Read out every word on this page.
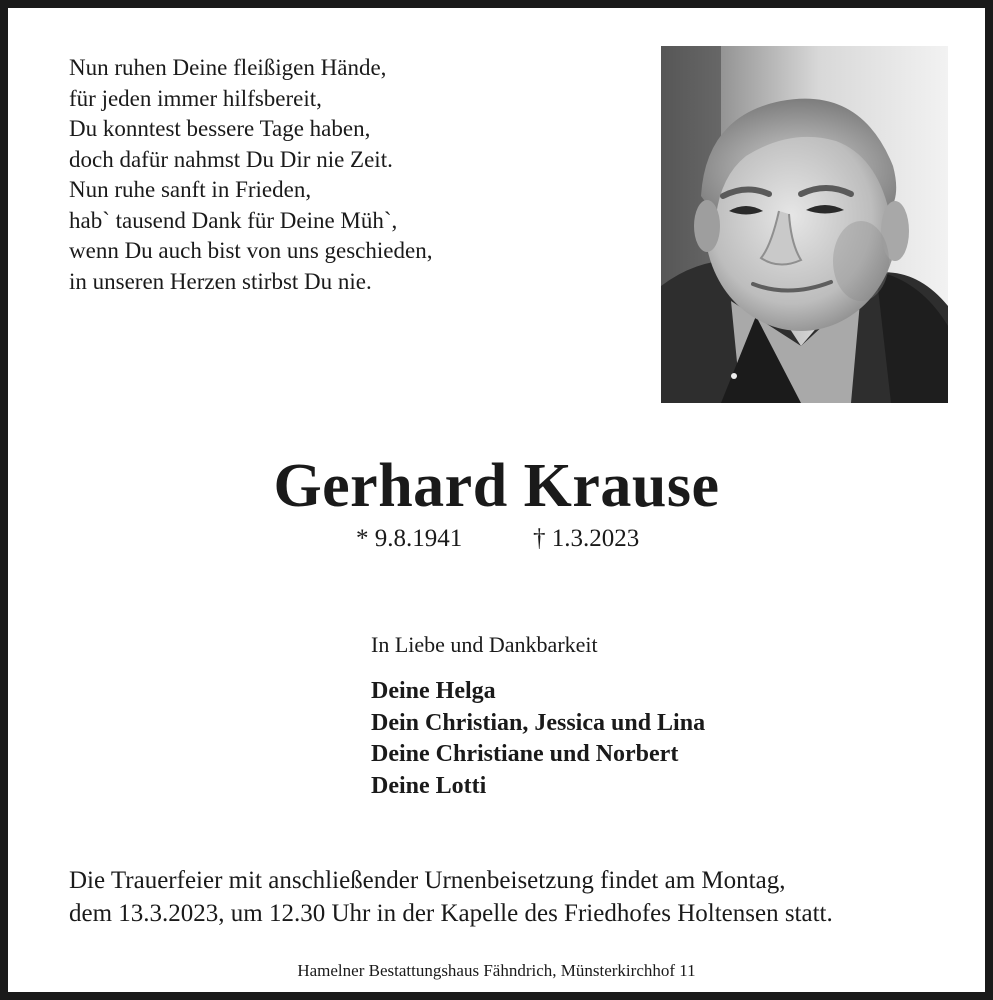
Nun ruhen Deine fleißigen Hände,
für jeden immer hilfsbereit,
Du konntest bessere Tage haben,
doch dafür nahmst Du Dir nie Zeit.
Nun ruhe sanft in Frieden,
hab` tausend Dank für Deine Müh`,
wenn Du auch bist von uns geschieden,
in unseren Herzen stirbst Du nie.
Gerhard Krause
* 9.8.1941	† 1.3.2023
In Liebe und Dankbarkeit
Deine Helga
Dein Christian, Jessica und Lina
Deine Christiane und Norbert
Deine Lotti
Die Trauerfeier mit anschließender Urnenbeisetzung findet am Montag,
dem 13.3.2023, um 12.30 Uhr in der Kapelle des Friedhofes Holtensen statt.
Hamelner Bestattungshaus Fähndrich, Münsterkirchhof 11
